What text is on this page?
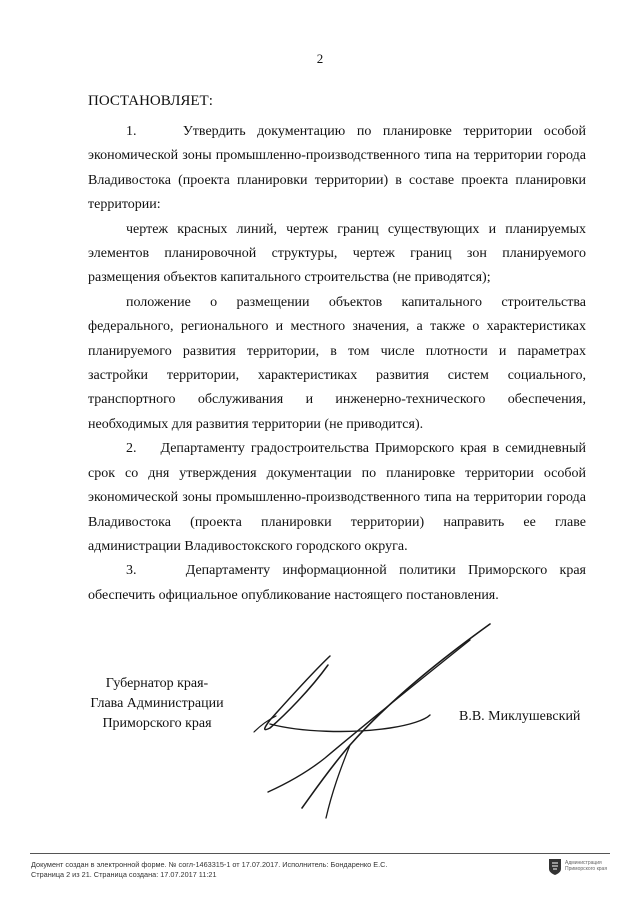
2
ПОСТАНОВЛЯЕТ:

1.    Утвердить документацию по планировке территории особой экономической зоны промышленно-производственного типа на территории города Владивостока (проекта планировки территории) в составе проекта планировки территории:

чертеж красных линий, чертеж границ существующих и планируемых элементов планировочной структуры, чертеж границ зон планируемого размещения объектов капитального строительства (не приводятся);

положение о размещении объектов капитального строительства федерального, регионального и местного значения, а также о характеристиках планируемого развития территории, в том числе плотности и параметрах застройки территории, характеристиках развития систем социального, транспортного обслуживания и инженерно-технического обеспечения, необходимых для развития территории (не приводится).

2.    Департаменту градостроительства Приморского края в семидневный срок со дня утверждения документации по планировке территории особой экономической зоны промышленно-производственного типа на территории города Владивостока (проекта планировки территории) направить ее главе администрации Владивостокского городского округа.

3.    Департаменту информационной политики Приморского края обеспечить официальное опубликование настоящего постановления.

Губернатор края-
Глава Администрации
Приморского края	В.В. Миклушевский
Документ создан в электронной форме. № согл-1463315-1 от 17.07.2017. Исполнитель: Бондаренко Е.С.
Страница 2 из 21. Страница создана: 17.07.2017 11:21
Администрация Приморского края
